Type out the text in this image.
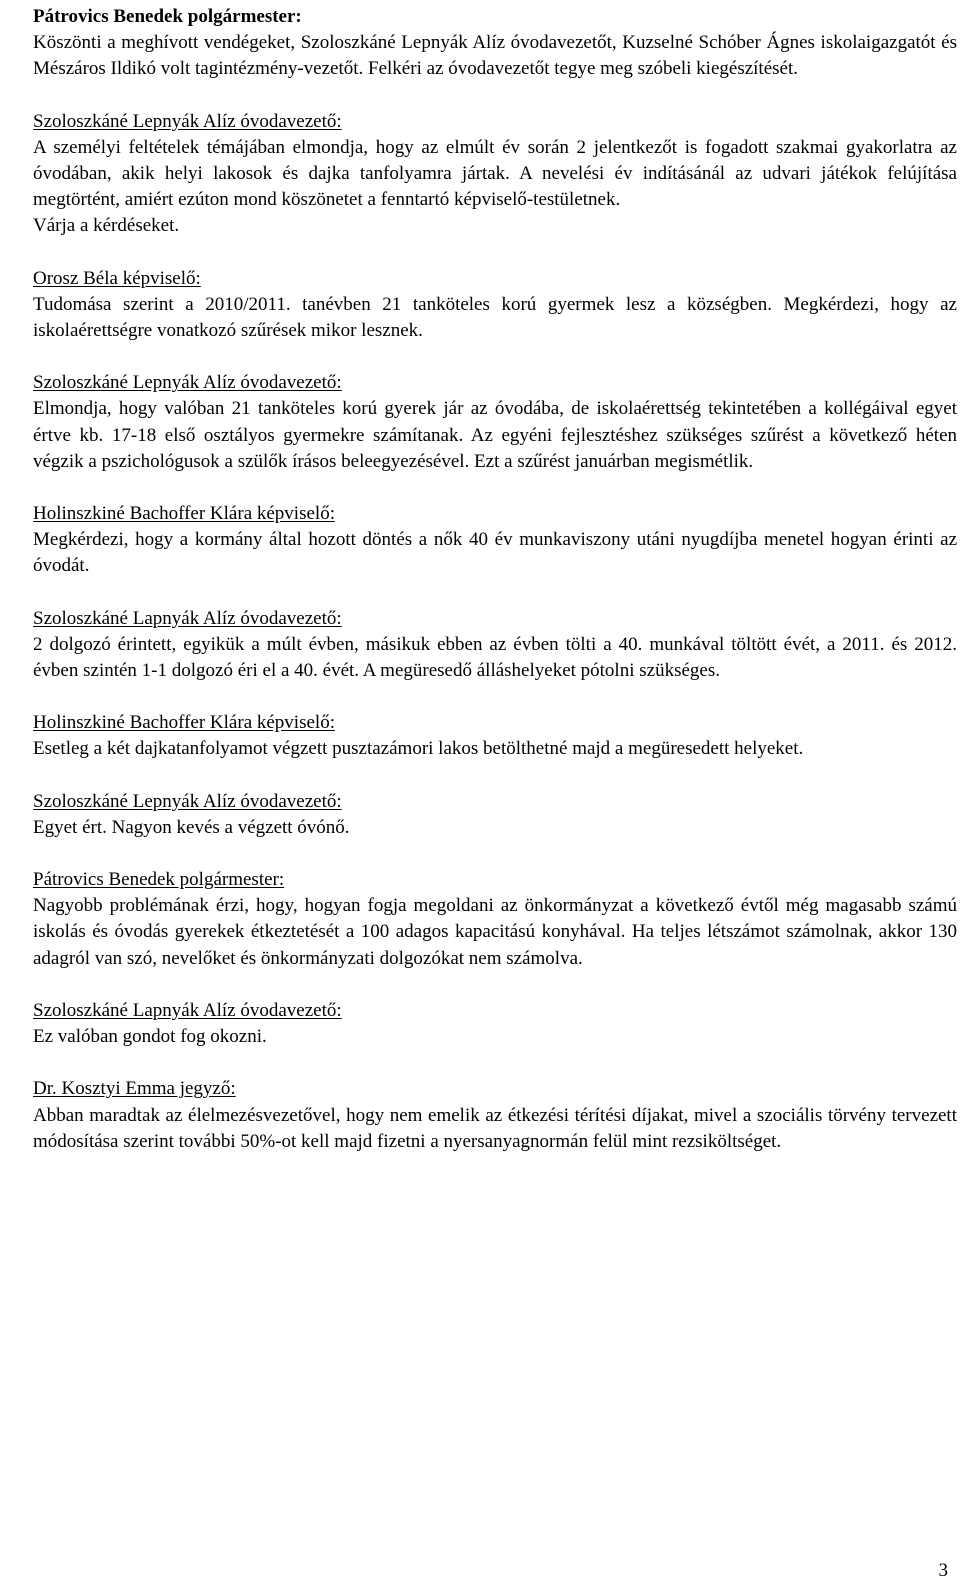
Pátrovics Benedek polgármester:
Köszönti a meghívott vendégeket, Szoloszkáné Lepnyák Alíz óvodavezetőt, Kuzselné Schóber Ágnes iskolaigazgatót és Mészáros Ildikó volt tagintézmény-vezetőt. Felkéri az óvodavezetőt tegye meg szóbeli kiegészítését.
Szoloszkáné Lepnyák Alíz óvodavezető:
A személyi feltételek témájában elmondja, hogy az elmúlt év során 2 jelentkezőt is fogadott szakmai gyakorlatra az óvodában, akik helyi lakosok és dajka tanfolyamra jártak. A nevelési év indításánál az udvari játékok felújítása megtörtént, amiért ezúton mond köszönetet a fenntartó képviselő-testületnek.
Várja a kérdéseket.
Orosz Béla képviselő:
Tudomása szerint a 2010/2011. tanévben 21 tanköteles korú gyermek lesz a községben. Megkérdezi, hogy az iskolaérettségre vonatkozó szűrések mikor lesznek.
Szoloszkáné Lepnyák Alíz óvodavezető:
Elmondja, hogy valóban 21 tanköteles korú gyerek jár az óvodába, de iskolaérettség tekintetében a kollégáival egyet értve kb. 17-18 első osztályos gyermekre számítanak. Az egyéni fejlesztéshez szükséges szűrést a következő héten végzik a pszichológusok a szülők írásos beleegyezésével. Ezt a szűrést januárban megismétlik.
Holinszkiné Bachoffer Klára képviselő:
Megkérdezi, hogy a kormány által hozott döntés a nők 40 év munkaviszony utáni nyugdíjba menetel hogyan érinti az óvodát.
Szoloszkáné Lapnyák Alíz óvodavezető:
2 dolgozó érintett, egyikük a múlt évben, másikuk ebben az évben tölti a 40. munkával töltött évét, a 2011. és 2012. évben szintén 1-1 dolgozó éri el a 40. évét. A megüresedő álláshelyeket pótolni szükséges.
Holinszkiné Bachoffer Klára képviselő:
Esetleg a két dajkatanfolyamot végzett pusztazámori lakos betölthetné majd a megüresedett helyeket.
Szoloszkáné Lepnyák Alíz óvodavezető:
Egyet ért. Nagyon kevés a végzett óvónő.
Pátrovics Benedek polgármester:
Nagyobb problémának érzi, hogy, hogyan fogja megoldani az önkormányzat a következő évtől még magasabb számú iskolás és óvodás gyerekek étkeztetését a 100 adagos kapacitású konyhával. Ha teljes létszámot számolnak, akkor 130 adagról van szó, nevelőket és önkormányzati dolgozókat nem számolva.
Szoloszkáné Lapnyák Alíz óvodavezető:
Ez valóban gondot fog okozni.
Dr. Kosztyi Emma jegyző:
Abban maradtak az élelmezésvezetővel, hogy nem emelik az étkezési térítési díjakat, mivel a szociális törvény tervezett módosítása szerint további 50%-ot kell majd fizetni a nyersanyagnormán felül mint rezsiköltséget.
3
